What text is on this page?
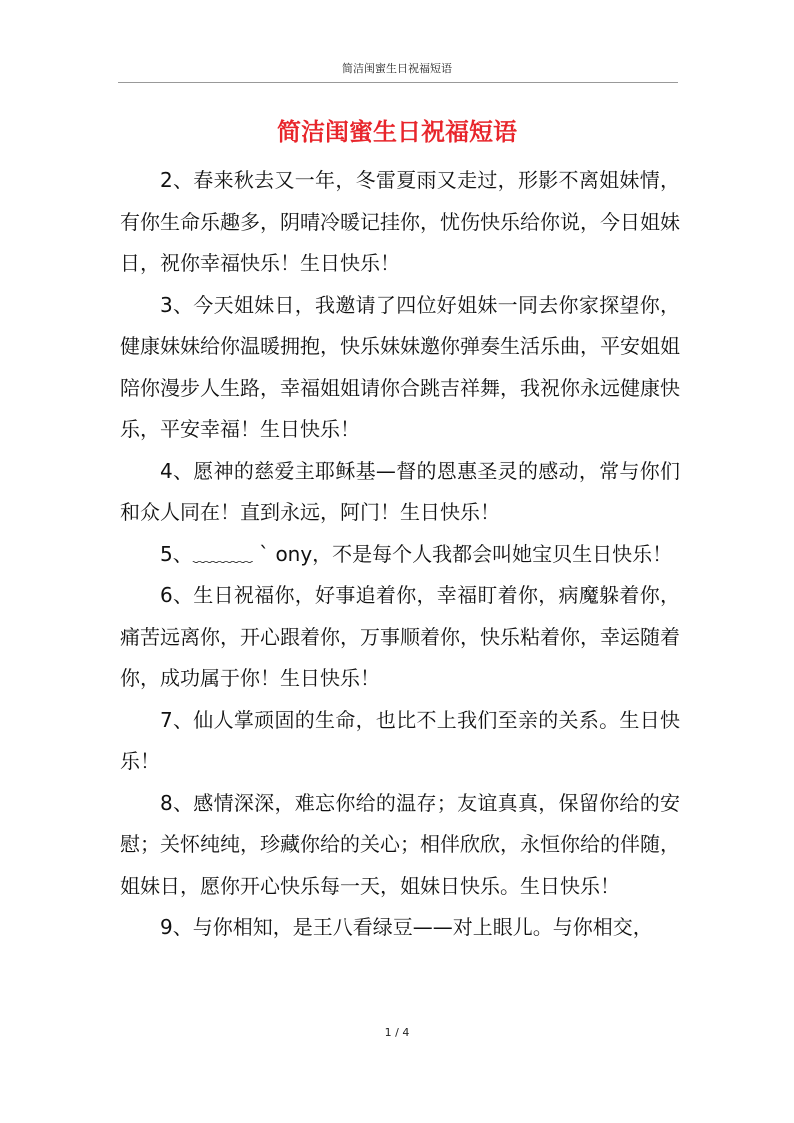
简洁闺蜜生日祝福短语
简洁闺蜜生日祝福短语

2、春来秋去又一年，冬雷夏雨又走过，形影不离姐妹情，有你生命乐趣多，阴晴冷暖记挂你，忧伤快乐给你说，今日姐妹日，祝你幸福快乐！生日快乐！

3、今天姐妹日，我邀请了四位好姐妹一同去你家探望你，健康妹妹给你温暖拥抱，快乐妹妹邀你弹奏生活乐曲，平安姐姐陪你漫步人生路，幸福姐姐请你合跳吉祥舞，我祝你永远健康快乐，平安幸福！生日快乐！

4、愿神的慈爱主耶稣基—督的恩惠圣灵的感动，常与你们和众人同在！直到永远，阿门！生日快乐！

5、﹏﹏﹏ ˋ ony，不是每个人我都会叫她宝贝生日快乐！

6、生日祝福你，好事追着你，幸福盯着你，病魔躲着你，痛苦远离你，开心跟着你，万事顺着你，快乐粘着你，幸运随着你，成功属于你！生日快乐！

7、仙人掌顽固的生命，也比不上我们至亲的关系。生日快乐！

8、感情深深，难忘你给的温存；友谊真真，保留你给的安慰；关怀纯纯，珍藏你给的关心；相伴欣欣，永恒你给的伴随，姐妹日，愿你开心快乐每一天，姐妹日快乐。生日快乐！

9、与你相知，是王八看绿豆——对上眼儿。与你相交，

1 / 4
